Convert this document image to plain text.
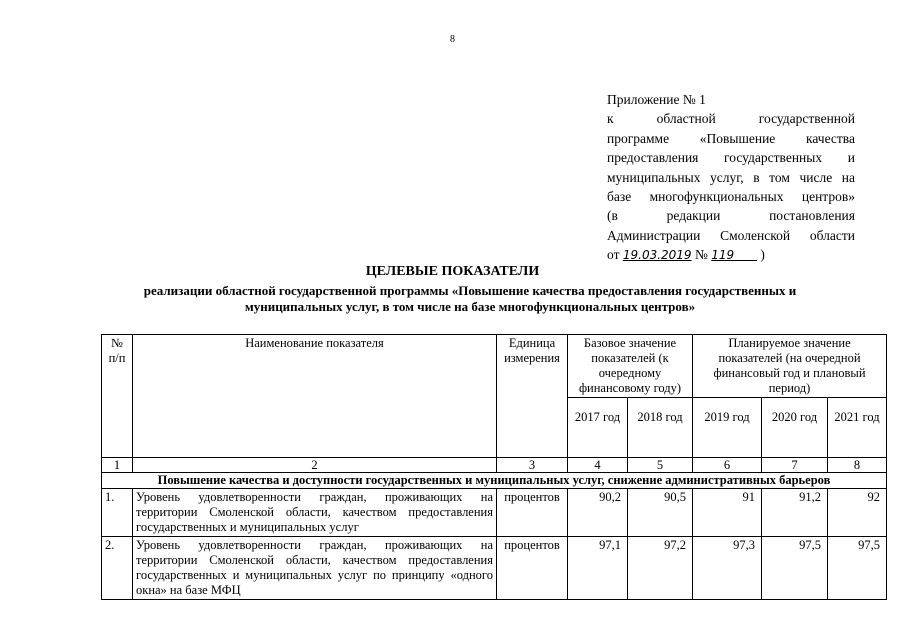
8
Приложение № 1
к областной государственной
программе «Повышение качества
предоставления государственных и
муниципальных услуг, в том числе на
базе многофункциональных центров»
(в редакции постановления
Администрации Смоленской области
от 19.03.2019 № 119 )
ЦЕЛЕВЫЕ ПОКАЗАТЕЛИ
реализации областной государственной программы «Повышение качества предоставления государственных и
муниципальных услуг, в том числе на базе многофункциональных центров»
№ п/п	Наименование показателя	Единица измерения	Базовое значение показателей (к очередному финансовому году)		Планируемое значение показателей (на очередной финансовый год и плановый период)		
			2017 год	2018 год	2019 год	2020 год	2021 год
1	2	3	4	5	6	7	8
Повышение качества и доступности государственных и муниципальных услуг, снижение административных барьеров							
1.	Уровень удовлетворенности граждан, проживающих на территории Смоленской области, качеством предоставления государственных и муниципальных услуг	процентов	90,2	90,5	91	91,2	92
2.	Уровень удовлетворенности граждан, проживающих на территории Смоленской области, качеством предоставления государственных и муниципальных услуг по принципу «одного окна» на базе МФЦ	процентов	97,1	97,2	97,3	97,5	97,5
